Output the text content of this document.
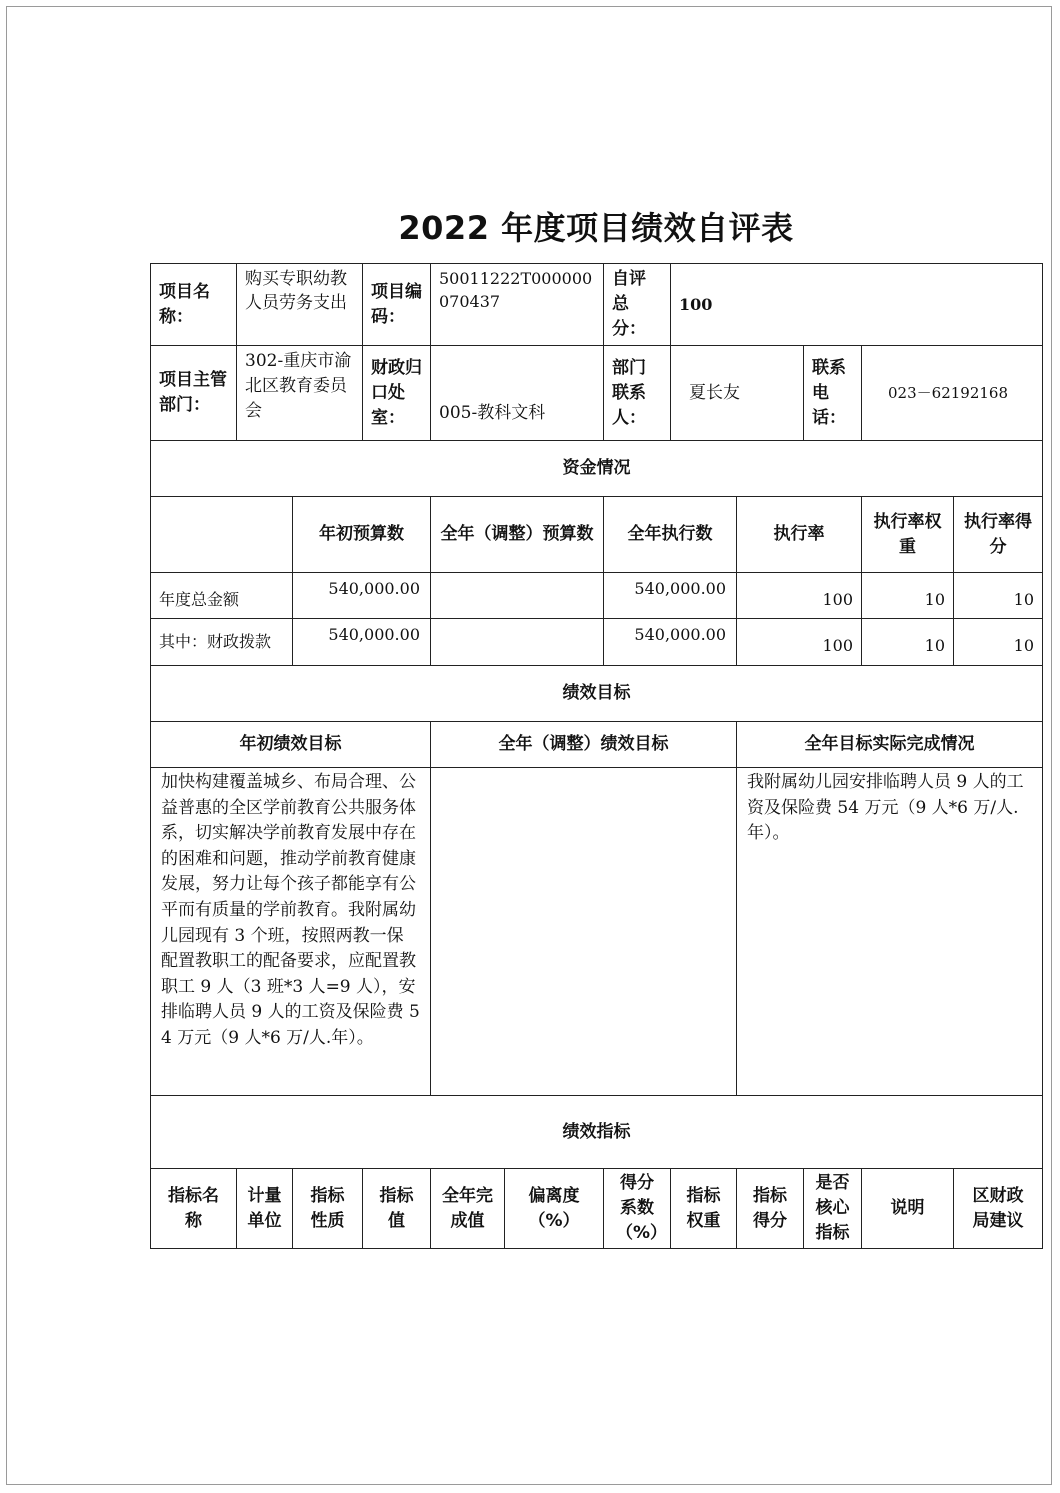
2022 年度项目绩效自评表
项目名称：	购买专职幼教人员劳务支出		项目编码：	50011222T000000070437		自评总分：	100				
项目主管部门：	302-重庆市渝北区教育委员会		财政归口处室：	005-教科文科		部门联系人：	夏长友		联系电话：	023－62192168	
资金情况											
		年初预算数		全年（调整）预算数		全年执行数		执行率		执行率权重	执行率得分
年度总金额		540,000.00				540,000.00		100		10	10
其中：财政拨款		540,000.00				540,000.00		100		10	10
绩效目标											
年初绩效目标				全年（调整）绩效目标				全年目标实际完成情况			
加快构建覆盖城乡、布局合理、公益普惠的全区学前教育公共服务体系，切实解决学前教育发展中存在的困难和问题，推动学前教育健康发展，努力让每个孩子都能享有公平而有质量的学前教育。我附属幼儿园现有 3 个班，按照两教一保配置教职工的配备要求，应配置教职工 9 人（3 班*3 人=9 人），安排临聘人员 9 人的工资及保险费 54 万元（9 人*6 万/人.年）。								我附属幼儿园安排临聘人员 9 人的工资及保险费 54 万元（9 人*6 万/人.年）。			
绩效指标											
指标名称	计量单位	指标性质	指标值	全年完成值	偏离度（%）	得分系数（%）	指标权重	指标得分	是否核心指标	说明	区财政局建议
